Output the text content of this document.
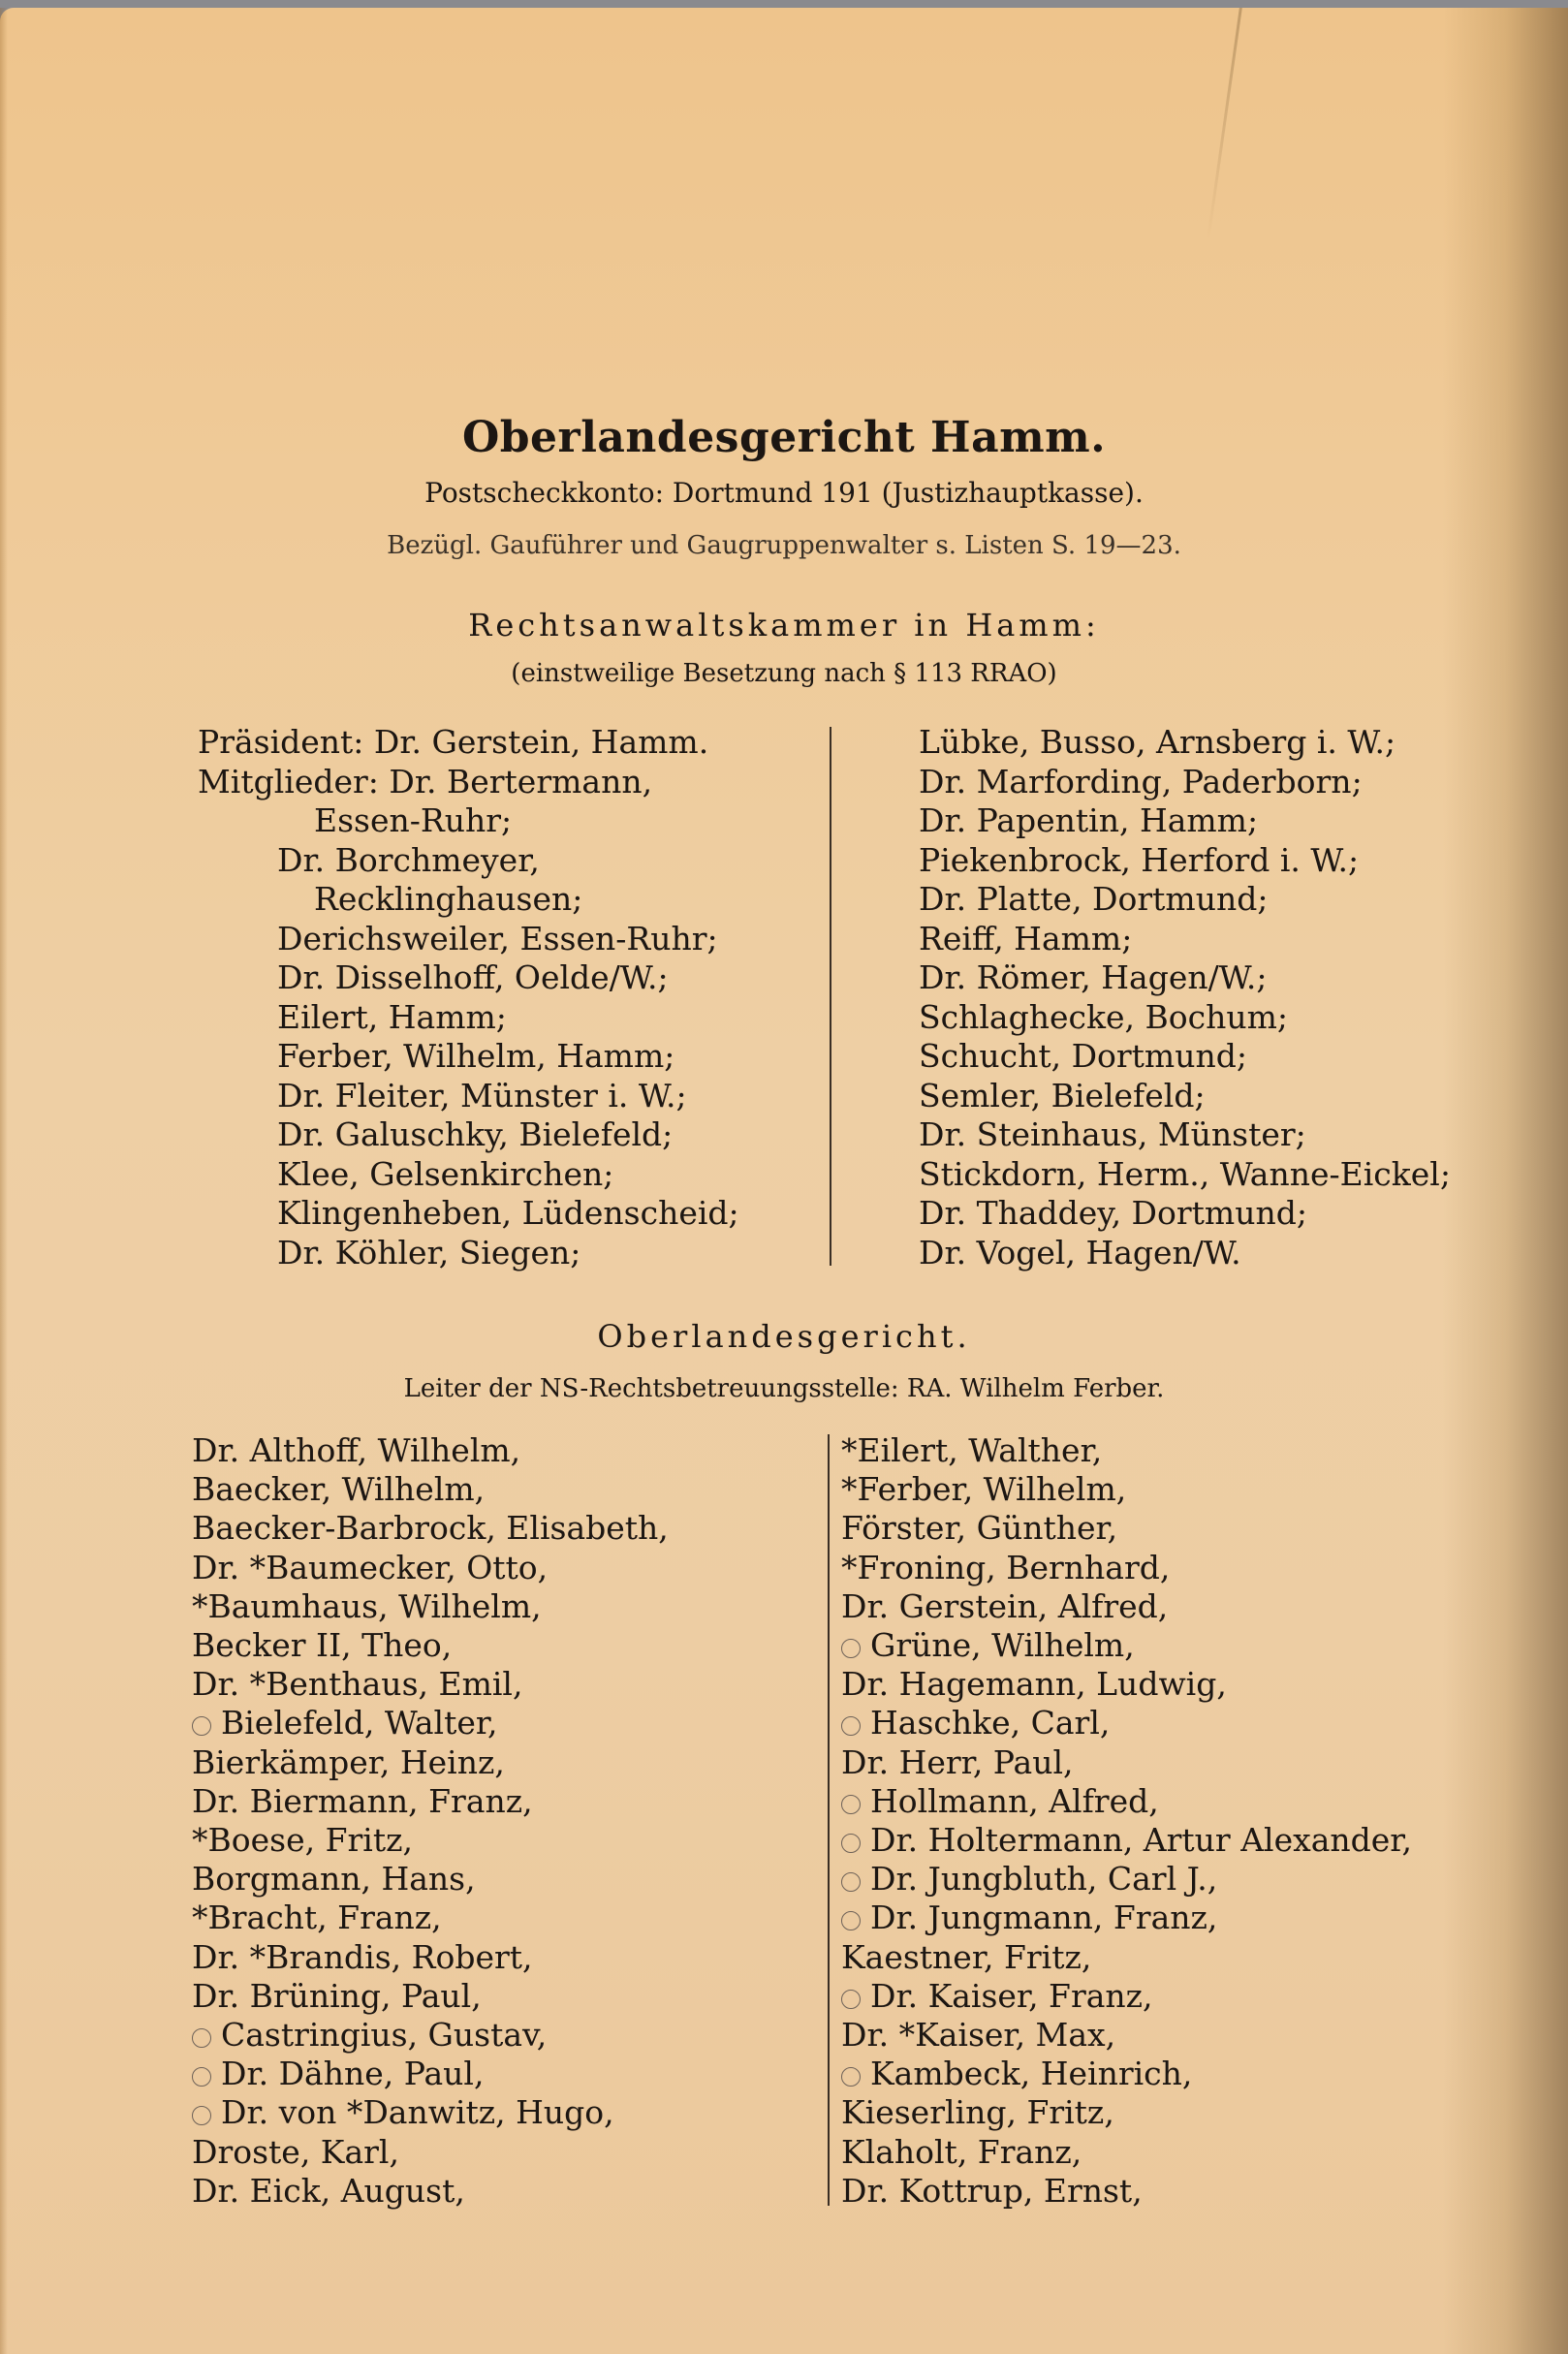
Oberlandesgericht Hamm.
Postscheckkonto: Dortmund 191 (Justizhauptkasse).
Bezügl. Gauführer und Gaugruppenwalter s. Listen S. 19—23.
Rechtsanwaltskammer in Hamm:
(einstweilige Besetzung nach § 113 RRAO)
Präsident: Dr. Gerstein, Hamm.
Mitglieder: Dr. Bertermann,
Essen-Ruhr;
Dr. Borchmeyer,
Recklinghausen;
Derichsweiler, Essen-Ruhr;
Dr. Disselhoff, Oelde/W.;
Eilert, Hamm;
Ferber, Wilhelm, Hamm;
Dr. Fleiter, Münster i. W.;
Dr. Galuschky, Bielefeld;
Klee, Gelsenkirchen;
Klingenheben, Lüdenscheid;
Dr. Köhler, Siegen;
Lübke, Busso, Arnsberg i. W.;
Dr. Marfording, Paderborn;
Dr. Papentin, Hamm;
Piekenbrock, Herford i. W.;
Dr. Platte, Dortmund;
Reiff, Hamm;
Dr. Römer, Hagen/W.;
Schlaghecke, Bochum;
Schucht, Dortmund;
Semler, Bielefeld;
Dr. Steinhaus, Münster;
Stickdorn, Herm., Wanne-Eickel;
Dr. Thaddey, Dortmund;
Dr. Vogel, Hagen/W.
Oberlandesgericht.
Leiter der NS-Rechtsbetreuungsstelle: RA. Wilhelm Ferber.
Dr. Althoff, Wilhelm,
Baecker, Wilhelm,
Baecker-Barbrock, Elisabeth,
Dr. *Baumecker, Otto,
*Baumhaus, Wilhelm,
Becker II, Theo,
Dr. *Benthaus, Emil,
Bielefeld, Walter,
Bierkämper, Heinz,
Dr. Biermann, Franz,
*Boese, Fritz,
Borgmann, Hans,
*Bracht, Franz,
Dr. *Brandis, Robert,
Dr. Brüning, Paul,
Castringius, Gustav,
Dr. Dähne, Paul,
Dr. von *Danwitz, Hugo,
Droste, Karl,
Dr. Eick, August,
*Eilert, Walther,
*Ferber, Wilhelm,
Förster, Günther,
*Froning, Bernhard,
Dr. Gerstein, Alfred,
Grüne, Wilhelm,
Dr. Hagemann, Ludwig,
Haschke, Carl,
Dr. Herr, Paul,
Hollmann, Alfred,
Dr. Holtermann, Artur Alexander,
Dr. Jungbluth, Carl J.,
Dr. Jungmann, Franz,
Kaestner, Fritz,
Dr. Kaiser, Franz,
Dr. *Kaiser, Max,
Kambeck, Heinrich,
Kieserling, Fritz,
Klaholt, Franz,
Dr. Kottrup, Ernst,
